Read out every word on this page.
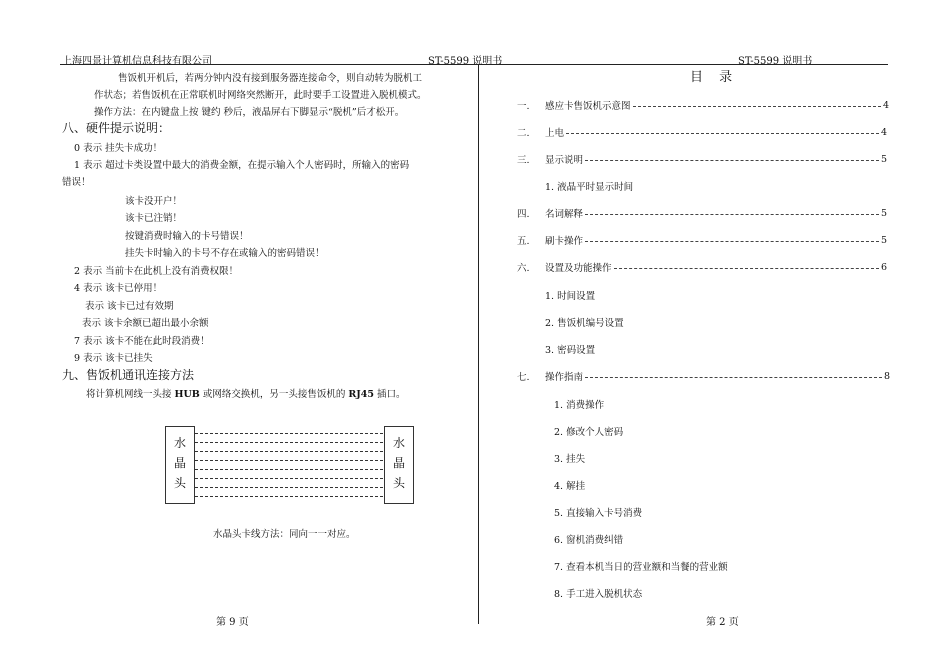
上海四景计算机信息科技有限公司	ST-5599 说明书	ST-5599 说明书
售饭机开机后，若两分钟内没有接到服务器连接命令，则自动转为脱机工
作状态；若售饭机在正常联机时网络突然断开，此时要手工设置进入脱机模式。
操作方法：在内键盘上按 键约 秒后，液晶屏右下脚显示“脱机”后才松开。
八、硬件提示说明：
0 表示 挂失卡成功！
1 表示 超过卡类设置中最大的消费金额，在提示输入个人密码时，所输入的密码
错误！
该卡没开户！
该卡已注销！
按键消费时输入的卡号错误！
挂失卡时输入的卡号不存在或输入的密码错误！
2 表示 当前卡在此机上没有消费权限！
4 表示 该卡已停用！
表示 该卡已过有效期
表示 该卡余额已超出最小余额
7 表示 该卡不能在此时段消费！
9 表示 该卡已挂失
九、售饭机通讯连接方法
将计算机网线一头接 HUB 或网络交换机，另一头接售饭机的 RJ45 插口。
水
晶
头
水
晶
头
水晶头卡线方法：同向一一对应。
第 9 页
目 录
一.	感应卡售饭机示意图	4
二.	上电	4
三.	显示说明	5
1. 液晶平时显示时间
四.	名词解释	5
五.	刷卡操作	5
六.	设置及功能操作	6
1. 时间设置
2. 售饭机编号设置
3. 密码设置
七.	操作指南	8
1. 消费操作
2. 修改个人密码
3. 挂失
4. 解挂
5. 直接输入卡号消费
6. 窗机消费纠错
7. 查看本机当日的营业额和当餐的营业额
8. 手工进入脱机状态
第 2 页
